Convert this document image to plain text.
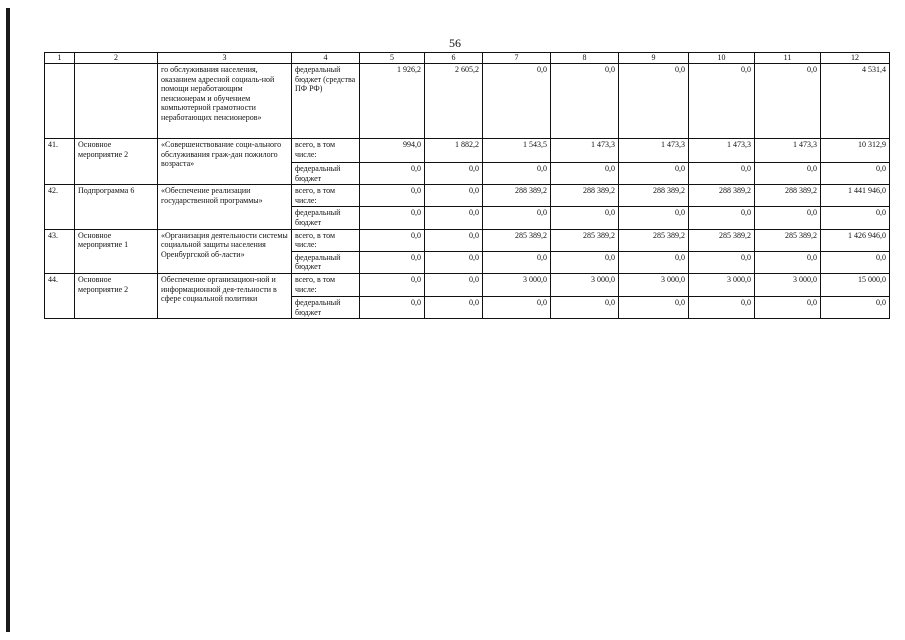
56
1	2	3	4	5	6	7	8	9	10	11	12
		го обслуживания населения, оказанием адресной социаль-ной помощи неработающим пенсионерам и обучением компьютерной грамотности неработающих пенсионеров»	федеральный бюджет (средства ПФ РФ)	1 926,2	2 605,2	0,0	0,0	0,0	0,0	0,0	4 531,4
41.	Основное мероприятие 2	«Совершенствование соци-ального обслуживания граж-дан пожилого возраста»	всего, в том числе:	994,0	1 882,2	1 543,5	1 473,3	1 473,3	1 473,3	1 473,3	10 312,9
			федеральный бюджет	0,0	0,0	0,0	0,0	0,0	0,0	0,0	0,0
42.	Подпрограмма 6	«Обеспечение реализации государственной программы»	всего, в том числе:	0,0	0,0	288 389,2	288 389,2	288 389,2	288 389,2	288 389,2	1 441 946,0
			федеральный бюджет	0,0	0,0	0,0	0,0	0,0	0,0	0,0	0,0
43.	Основное мероприятие 1	«Организация деятельности системы социальной защиты населения Оренбургской об-ласти»	всего, в том числе:	0,0	0,0	285 389,2	285 389,2	285 389,2	285 389,2	285 389,2	1 426 946,0
			федеральный бюджет	0,0	0,0	0,0	0,0	0,0	0,0	0,0	0,0
44.	Основное мероприятие 2	Обеспечение организацион-ной и информационной дея-тельности в сфере социальной политики	всего, в том числе:	0,0	0,0	3 000,0	3 000,0	3 000,0	3 000,0	3 000,0	15 000,0
			федеральный бюджет	0,0	0,0	0,0	0,0	0,0	0,0	0,0	0,0
